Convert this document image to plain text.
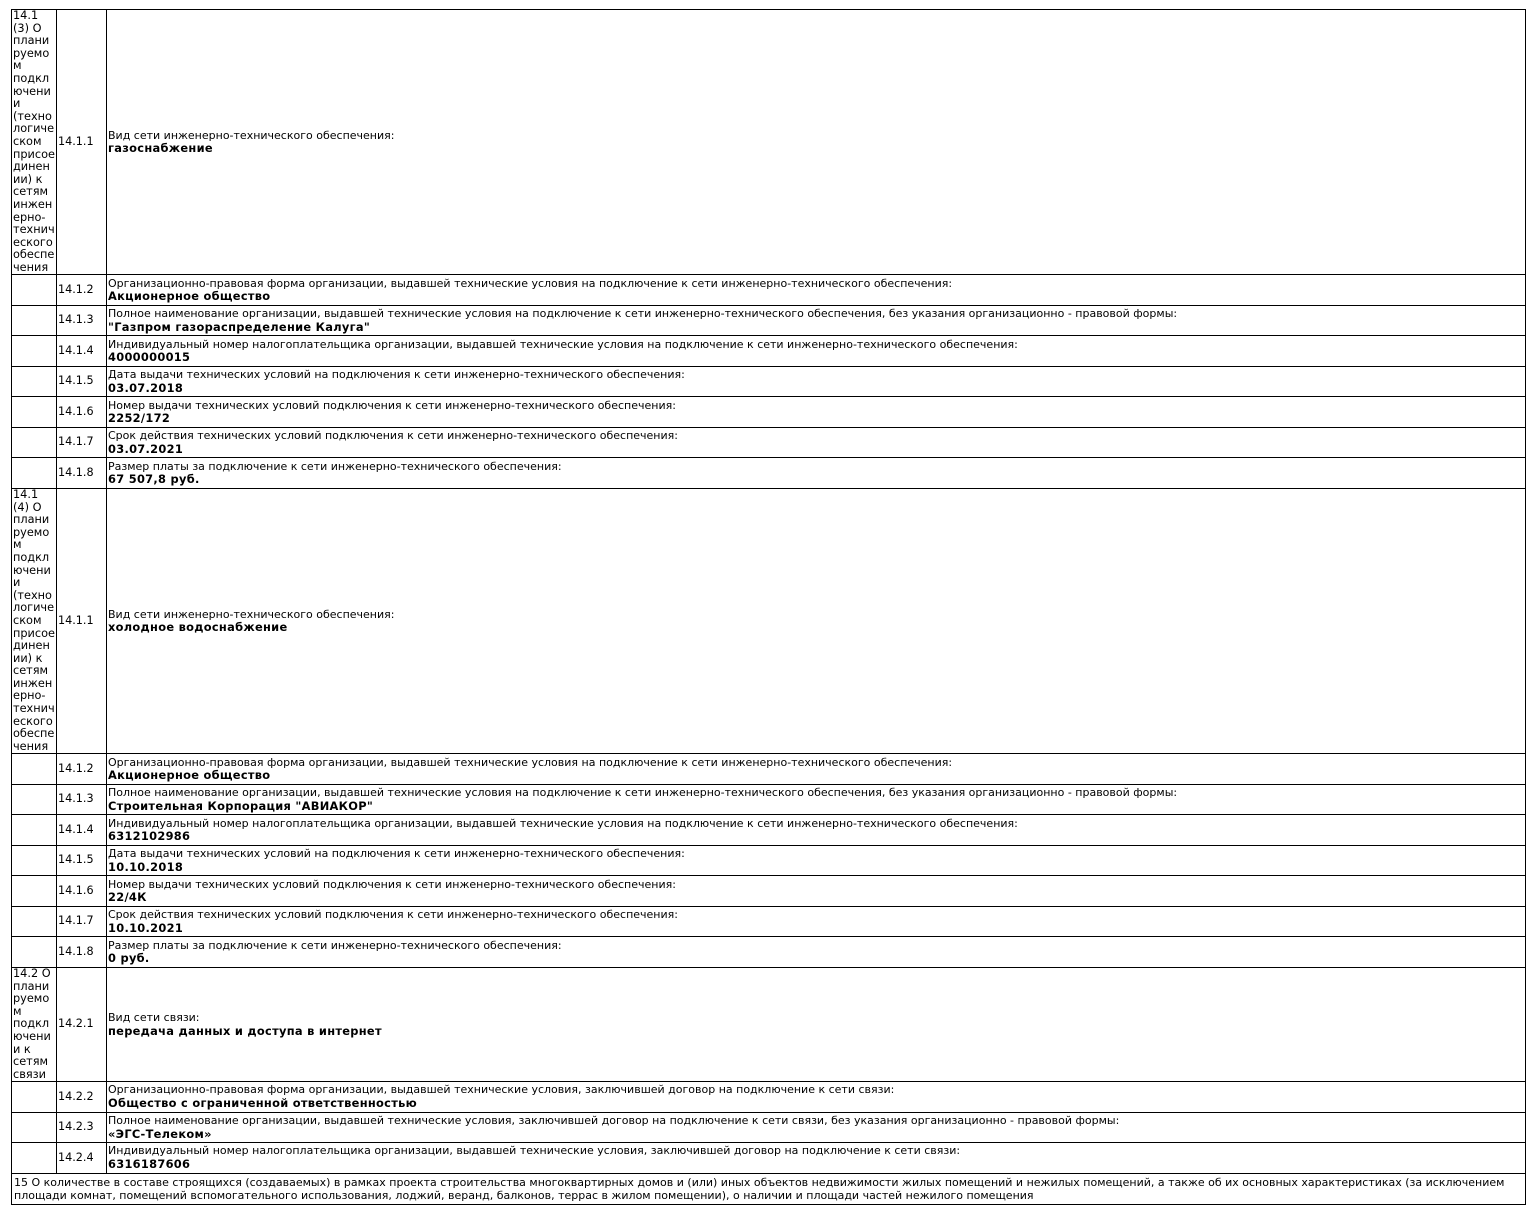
14.1 (3) О планируемом подключении (технологическом присоединении) к сетям инженерно-технического обеспечения	14.1.1	Вид сети инженерно-технического обеспечения:
газоснабжение

	14.1.2	Организационно-правовая форма организации, выдавшей технические условия на подключение к сети инженерно-технического обеспечения:
Акционерное общество

	14.1.3	Полное наименование организации, выдавшей технические условия на подключение к сети инженерно-технического обеспечения, без указания организационно - правовой формы:
"Газпром газораспределение Калуга"

	14.1.4	Индивидуальный номер налогоплательщика организации, выдавшей технические условия на подключение к сети инженерно-технического обеспечения:
4000000015

	14.1.5	Дата выдачи технических условий на подключения к сети инженерно-технического обеспечения:
03.07.2018

	14.1.6	Номер выдачи технических условий подключения к сети инженерно-технического обеспечения:
2252/172

	14.1.7	Срок действия технических условий подключения к сети инженерно-технического обеспечения:
03.07.2021

	14.1.8	Размер платы за подключение к сети инженерно-технического обеспечения:
67 507,8 руб.

14.1 (4) О планируемом подключении (технологическом присоединении) к сетям инженерно-технического обеспечения	14.1.1	Вид сети инженерно-технического обеспечения:
холодное водоснабжение

	14.1.2	Организационно-правовая форма организации, выдавшей технические условия на подключение к сети инженерно-технического обеспечения:
Акционерное общество

	14.1.3	Полное наименование организации, выдавшей технические условия на подключение к сети инженерно-технического обеспечения, без указания организационно - правовой формы:
Строительная Корпорация "АВИАКОР"

	14.1.4	Индивидуальный номер налогоплательщика организации, выдавшей технические условия на подключение к сети инженерно-технического обеспечения:
6312102986

	14.1.5	Дата выдачи технических условий на подключения к сети инженерно-технического обеспечения:
10.10.2018

	14.1.6	Номер выдачи технических условий подключения к сети инженерно-технического обеспечения:
22/4К

	14.1.7	Срок действия технических условий подключения к сети инженерно-технического обеспечения:
10.10.2021

	14.1.8	Размер платы за подключение к сети инженерно-технического обеспечения:
0 руб.

14.2 О планируемом подключении к сетям связи	14.2.1	Вид сети связи:
передача данных и доступа в интернет

	14.2.2	Организационно-правовая форма организации, выдавшей технические условия, заключившей договор на подключение к сети связи:
Общество с ограниченной ответственностью

	14.2.3	Полное наименование организации, выдавшей технические условия, заключившей договор на подключение к сети связи, без указания организационно - правовой формы:
«ЭГС-Телеком»

	14.2.4	Индивидуальный номер налогоплательщика организации, выдавшей технические условия, заключившей договор на подключение к сети связи:
6316187606

15 О количестве в составе строящихся (создаваемых) в рамках проекта строительства многоквартирных домов и (или) иных объектов недвижимости жилых помещений и нежилых помещений, а также об их основных характеристиках (за исключением площади комнат, помещений вспомогательного использования, лоджий, веранд, балконов, террас в жилом помещении), о наличии и площади частей нежилого помещения		
